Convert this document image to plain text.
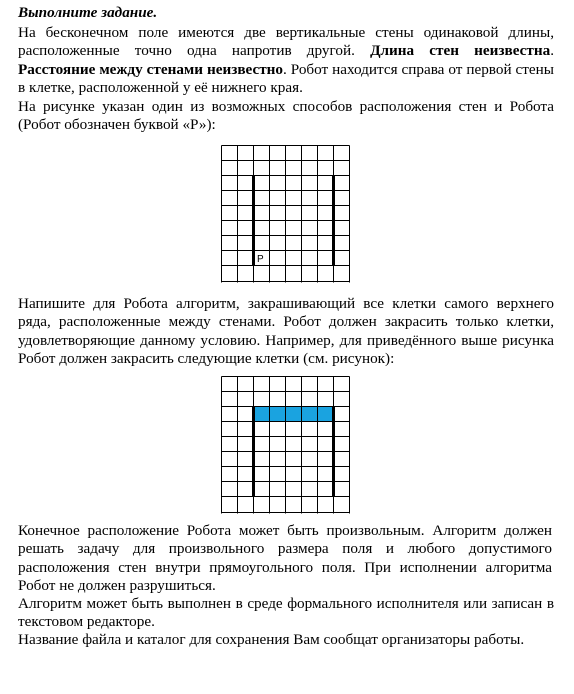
Выполните задание.

На бесконечном поле имеются две вертикальные стены одинаковой длины, расположенные точно одна напротив другой. Длина стен неизвестна. Расстояние между стенами неизвестно. Робот находится справа от первой стены в клетке, расположенной у её нижнего края.

На рисунке указан один из возможных способов расположения стен и Робота (Робот обозначен буквой «Р»):

Р

Напишите для Робота алгоритм, закрашивающий все клетки самого верхнего ряда, расположенные между стенами. Робот должен закрасить только клетки, удовлетворяющие данному условию. Например, для приведённого выше рисунка Робот должен закрасить следующие клетки (см. рисунок):

Конечное расположение Робота может быть произвольным. Алгоритм должен решать задачу для произвольного размера поля и любого допустимого расположения стен внутри прямоугольного поля. При исполнении алгоритма Робот не должен разрушиться.

Алгоритм может быть выполнен в среде формального исполнителя или записан в текстовом редакторе.

Название файла и каталог для сохранения Вам сообщат организаторы работы.
